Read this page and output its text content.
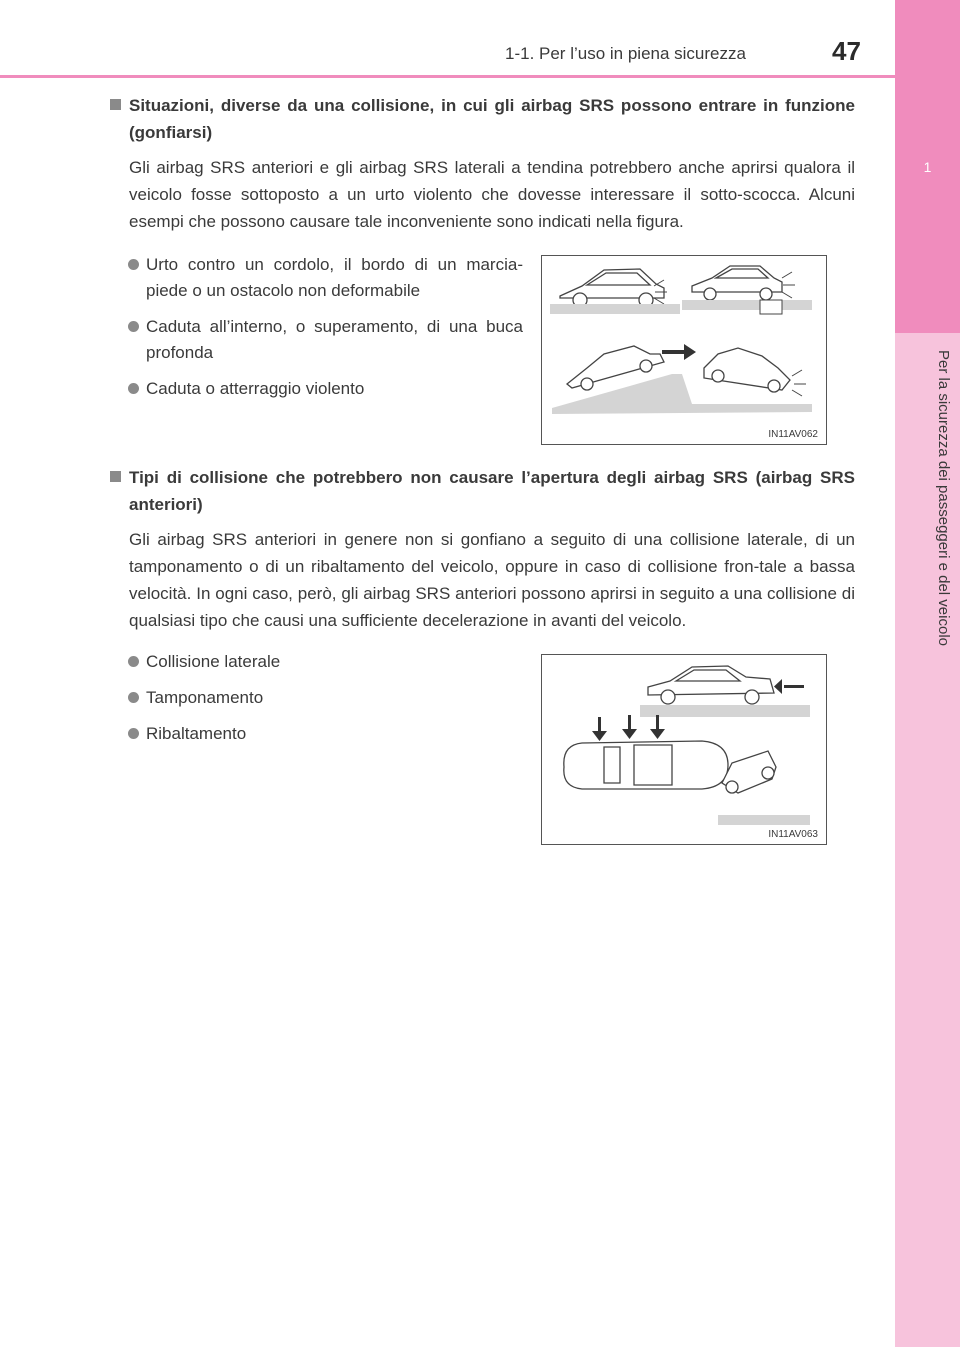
1
Per la sicurezza dei passeggeri e del veicolo
1-1. Per l’uso in piena sicurezza	47
Situazioni, diverse da una collisione, in cui gli airbag SRS possono entrare in funzione (gonfiarsi)
Gli airbag SRS anteriori e gli airbag SRS laterali a tendina potrebbero anche aprirsi qualora il veicolo fosse sottoposto a un urto violento che dovesse interessare il sotto-scocca. Alcuni esempi che possono causare tale inconveniente sono indicati nella figura.
Urto contro un cordolo, il bordo di un marcia-piede o un ostacolo non deformabile
Caduta all’interno, o superamento, di una buca profonda
Caduta o atterraggio violento
IN11AV062
Tipi di collisione che potrebbero non causare l’apertura degli airbag SRS (airbag SRS anteriori)
Gli airbag SRS anteriori in genere non si gonfiano a seguito di una collisione laterale, di un tamponamento o di un ribaltamento del veicolo, oppure in caso di collisione fron-tale a bassa velocità. In ogni caso, però, gli airbag SRS anteriori possono aprirsi in seguito a una collisione di qualsiasi tipo che causi una sufficiente decelerazione in avanti del veicolo.
Collisione laterale
Tamponamento
Ribaltamento
IN11AV063
